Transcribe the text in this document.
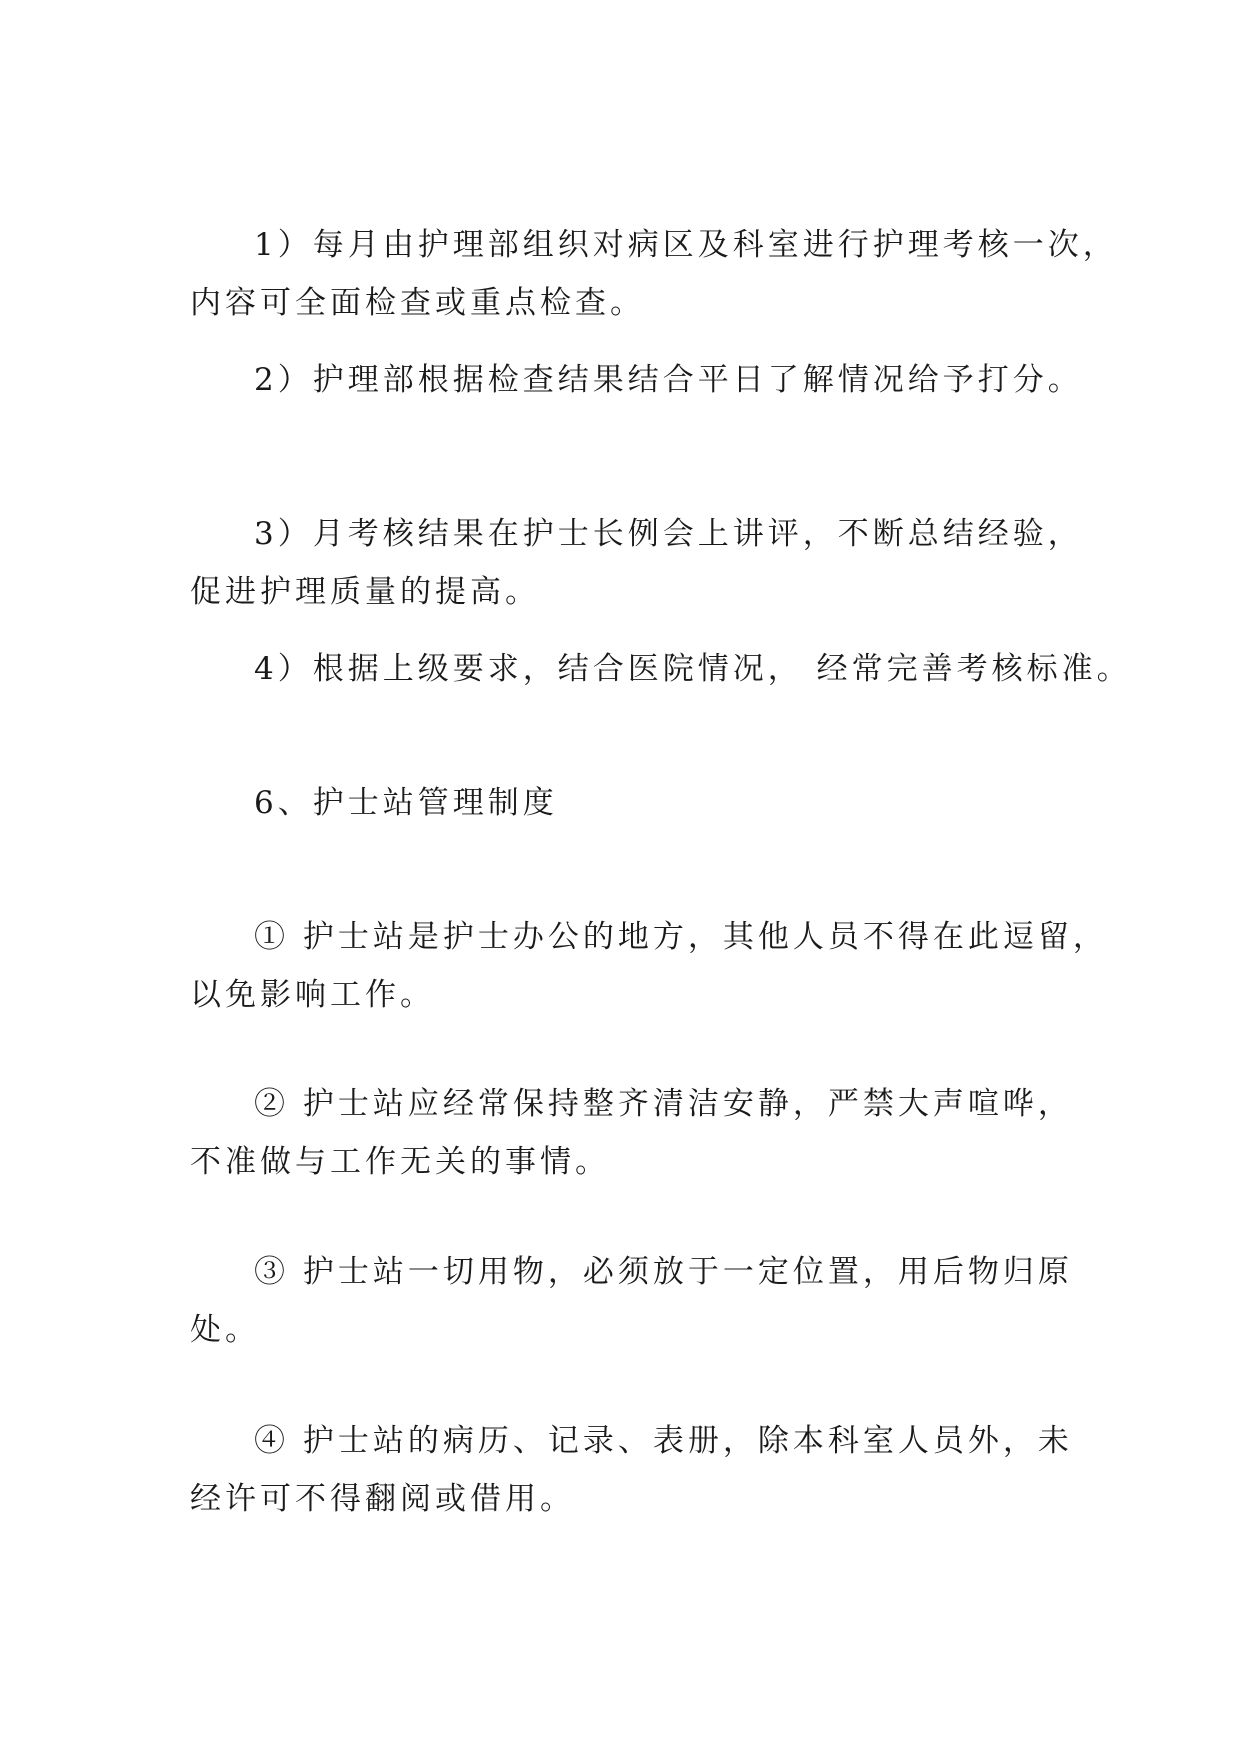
1）每月由护理部组织对病区及科室进行护理考核一次，
内容可全面检查或重点检查。

2）护理部根据检查结果结合平日了解情况给予打分。

3）月考核结果在护士长例会上讲评，不断总结经验，
促进护理质量的提高。

4）根据上级要求，结合医院情况， 经常完善考核标准。

6、护士站管理制度

① 护士站是护士办公的地方，其他人员不得在此逗留，
以免影响工作。

② 护士站应经常保持整齐清洁安静，严禁大声喧哗，
不准做与工作无关的事情。

③ 护士站一切用物，必须放于一定位置，用后物归原
处。

④ 护士站的病历、记录、表册，除本科室人员外，未
经许可不得翻阅或借用。
